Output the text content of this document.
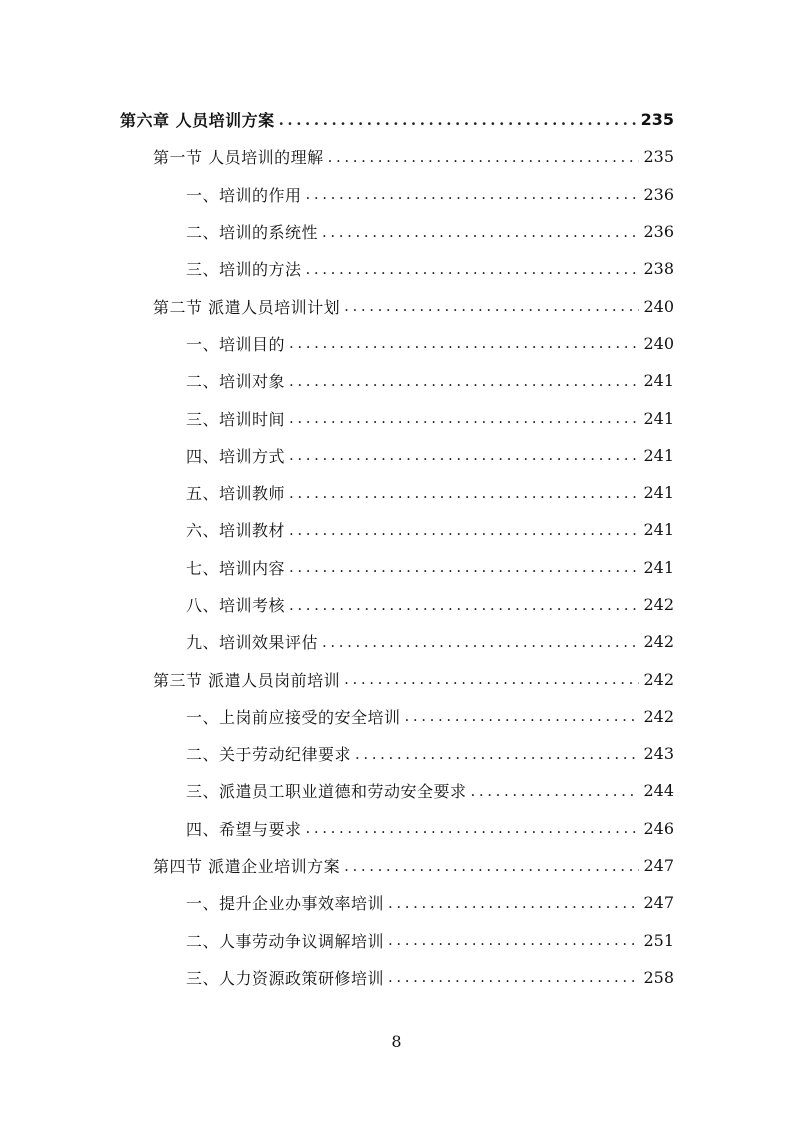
第六章 人员培训方案 .....	235
第一节 人员培训的理解 .....	235
一、培训的作用 .....	236
二、培训的系统性 .....	236
三、培训的方法 .....	238
第二节 派遣人员培训计划 .....	240
一、培训目的 .....	240
二、培训对象 .....	241
三、培训时间 .....	241
四、培训方式 .....	241
五、培训教师 .....	241
六、培训教材 .....	241
七、培训内容 .....	241
八、培训考核 .....	242
九、培训效果评估 .....	242
第三节 派遣人员岗前培训 .....	242
一、上岗前应接受的安全培训 .....	242
二、关于劳动纪律要求 .....	243
三、派遣员工职业道德和劳动安全要求 .....	244
四、希望与要求 .....	246
第四节 派遣企业培训方案 .....	247
一、提升企业办事效率培训 .....	247
二、人事劳动争议调解培训 .....	251
三、人力资源政策研修培训 .....	258
8
